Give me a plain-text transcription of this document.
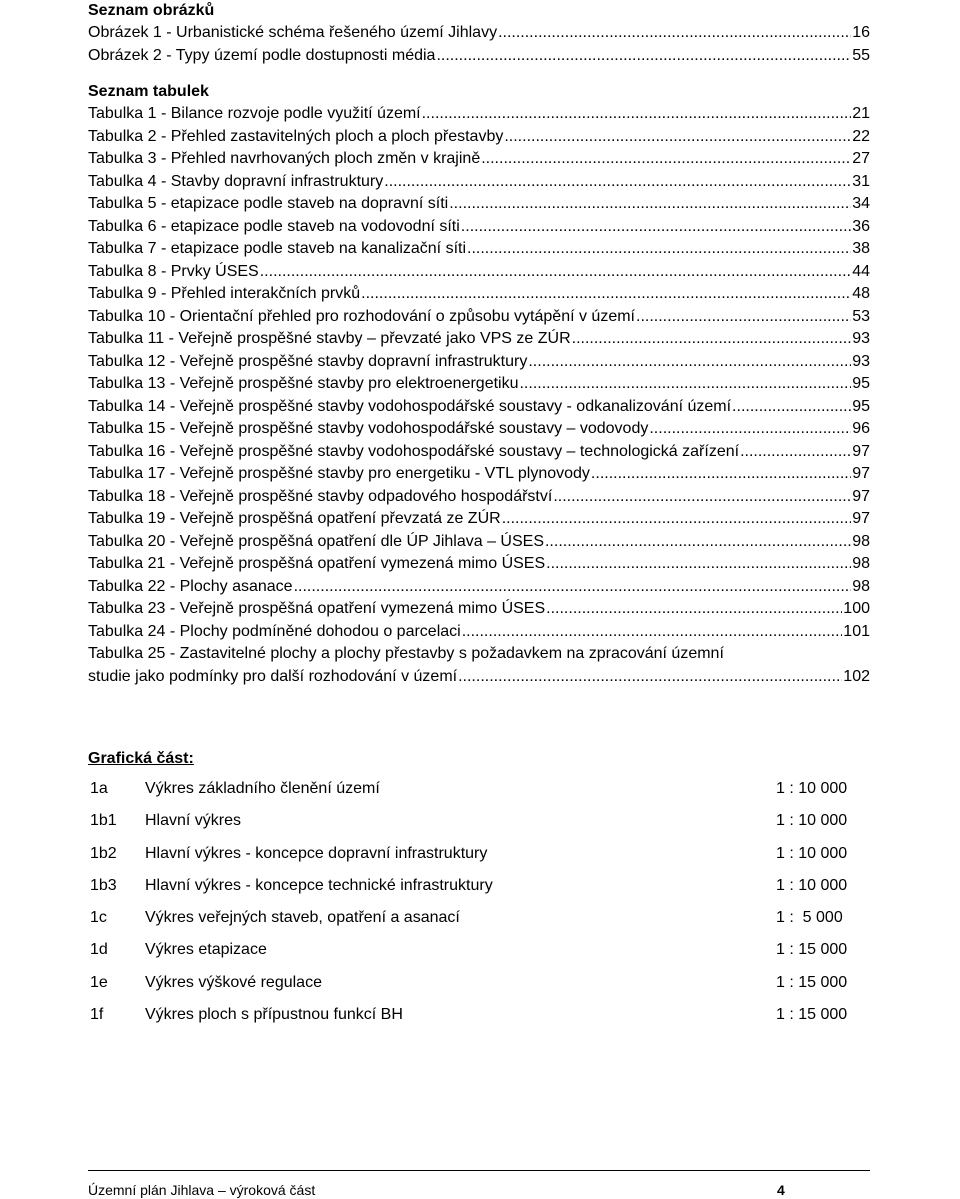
Seznam obrázků

Obrázek 1 - Urbanistické schéma řešeného území Jihlavy .....	16
Obrázek 2 - Typy území podle dostupnosti média .....	55

Seznam tabulek

Tabulka 1 - Bilance rozvoje podle využití území .....	21
Tabulka 2 - Přehled zastavitelných ploch a ploch přestavby .....	22
Tabulka 3 - Přehled navrhovaných ploch změn v krajině .....	27
Tabulka 4 - Stavby dopravní infrastruktury .....	31
Tabulka 5 - etapizace podle staveb na dopravní síti .....	34
Tabulka 6 - etapizace podle staveb na vodovodní síti .....	36
Tabulka 7 - etapizace podle staveb na kanalizační síti .....	38
Tabulka 8 - Prvky ÚSES .....	44
Tabulka 9 - Přehled interakčních prvků .....	48
Tabulka 10 - Orientační přehled pro rozhodování o způsobu vytápění v území .....	53
Tabulka 11 - Veřejně prospěšné stavby – převzaté jako VPS ze ZÚR .....	93
Tabulka 12 - Veřejně prospěšné stavby dopravní infrastruktury .....	93
Tabulka 13 - Veřejně prospěšné stavby pro elektroenergetiku .....	95
Tabulka 14 - Veřejně prospěšné stavby vodohospodářské soustavy - odkanalizování území .....	95
Tabulka 15 - Veřejně prospěšné stavby vodohospodářské soustavy – vodovody .....	96
Tabulka 16 - Veřejně prospěšné stavby vodohospodářské soustavy – technologická zařízení .....	97
Tabulka 17 - Veřejně prospěšné stavby pro energetiku - VTL plynovody .....	97
Tabulka 18 - Veřejně prospěšné stavby odpadového hospodářství .....	97
Tabulka 19 - Veřejně prospěšná opatření převzatá ze ZÚR .....	97
Tabulka 20 - Veřejně prospěšná opatření dle ÚP Jihlava – ÚSES .....	98
Tabulka 21 - Veřejně prospěšná opatření vymezená mimo ÚSES .....	98
Tabulka 22 - Plochy asanace .....	98
Tabulka 23 - Veřejně prospěšná opatření vymezená mimo ÚSES .....	100
Tabulka 24 - Plochy podmíněné dohodou o parcelaci .....	101
Tabulka 25 - Zastavitelné plochy a plochy přestavby s požadavkem na zpracování územní
studie jako podmínky pro další rozhodování v území .....	102

Grafická část:

1a Výkres základního členění území	1 : 10 000
1b1 Hlavní výkres	1 : 10 000
1b2 Hlavní výkres - koncepce dopravní infrastruktury	1 : 10 000
1b3 Hlavní výkres - koncepce technické infrastruktury	1 : 10 000
1c Výkres veřejných staveb, opatření a asanací	1 :  5 000
1d Výkres etapizace	1 : 15 000
1e Výkres výškové regulace	1 : 15 000
1f	Výkres ploch s přípustnou funkcí BH	1 : 15 000
Územní plán Jihlava – výroková část	4
